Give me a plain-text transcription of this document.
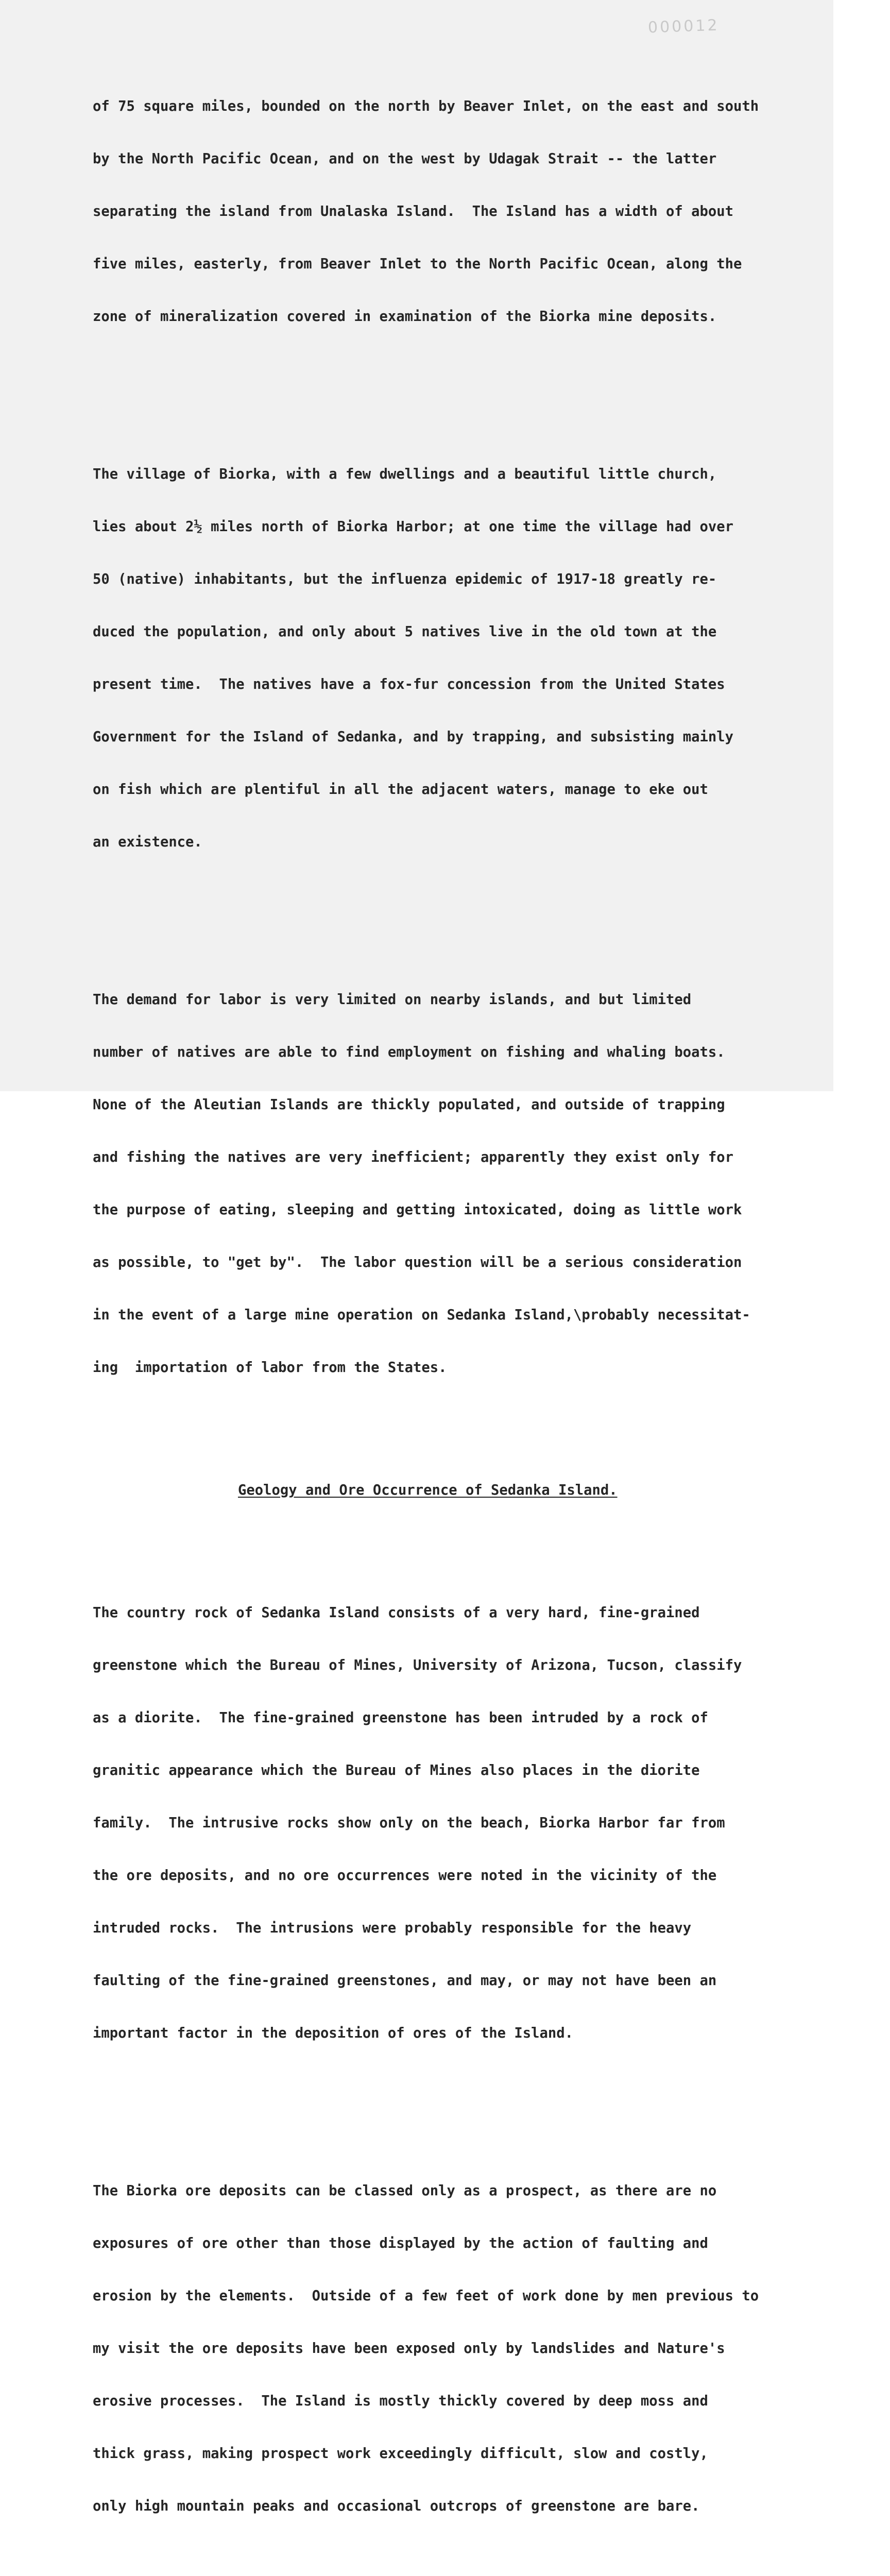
000012

of 75 square miles, bounded on the north by Beaver Inlet, on the east and south

by the North Pacific Ocean, and on the west by Udagak Strait -- the latter

separating the island from Unalaska Island.  The Island has a width of about

five miles, easterly, from Beaver Inlet to the North Pacific Ocean, along the

zone of mineralization covered in examination of the Biorka mine deposits.

The village of Biorka, with a few dwellings and a beautiful little church,

lies about 2½ miles north of Biorka Harbor; at one time the village had over

50 (native) inhabitants, but the influenza epidemic of 1917-18 greatly re-

duced the population, and only about 5 natives live in the old town at the

present time.  The natives have a fox-fur concession from the United States

Government for the Island of Sedanka, and by trapping, and subsisting mainly

on fish which are plentiful in all the adjacent waters, manage to eke out

an existence.

The demand for labor is very limited on nearby islands, and but limited

number of natives are able to find employment on fishing and whaling boats.

None of the Aleutian Islands are thickly populated, and outside of trapping

and fishing the natives are very inefficient; apparently they exist only for

the purpose of eating, sleeping and getting intoxicated, doing as little work

as possible, to "get by".  The labor question will be a serious consideration

in the event of a large mine operation on Sedanka Island,\probably necessitat-

ing  importation of labor from the States.

Geology and Ore Occurrence of Sedanka Island.

The country rock of Sedanka Island consists of a very hard, fine-grained

greenstone which the Bureau of Mines, University of Arizona, Tucson, classify

as a diorite.  The fine-grained greenstone has been intruded by a rock of

granitic appearance which the Bureau of Mines also places in the diorite

family.  The intrusive rocks show only on the beach, Biorka Harbor far from

the ore deposits, and no ore occurrences were noted in the vicinity of the

intruded rocks.  The intrusions were probably responsible for the heavy

faulting of the fine-grained greenstones, and may, or may not have been an

important factor in the deposition of ores of the Island.

The Biorka ore deposits can be classed only as a prospect, as there are no

exposures of ore other than those displayed by the action of faulting and

erosion by the elements.  Outside of a few feet of work done by men previous to

my visit the ore deposits have been exposed only by landslides and Nature's

erosive processes.  The Island is mostly thickly covered by deep moss and

thick grass, making prospect work exceedingly difficult, slow and costly,

only high mountain peaks and occasional outcrops of greenstone are bare.
